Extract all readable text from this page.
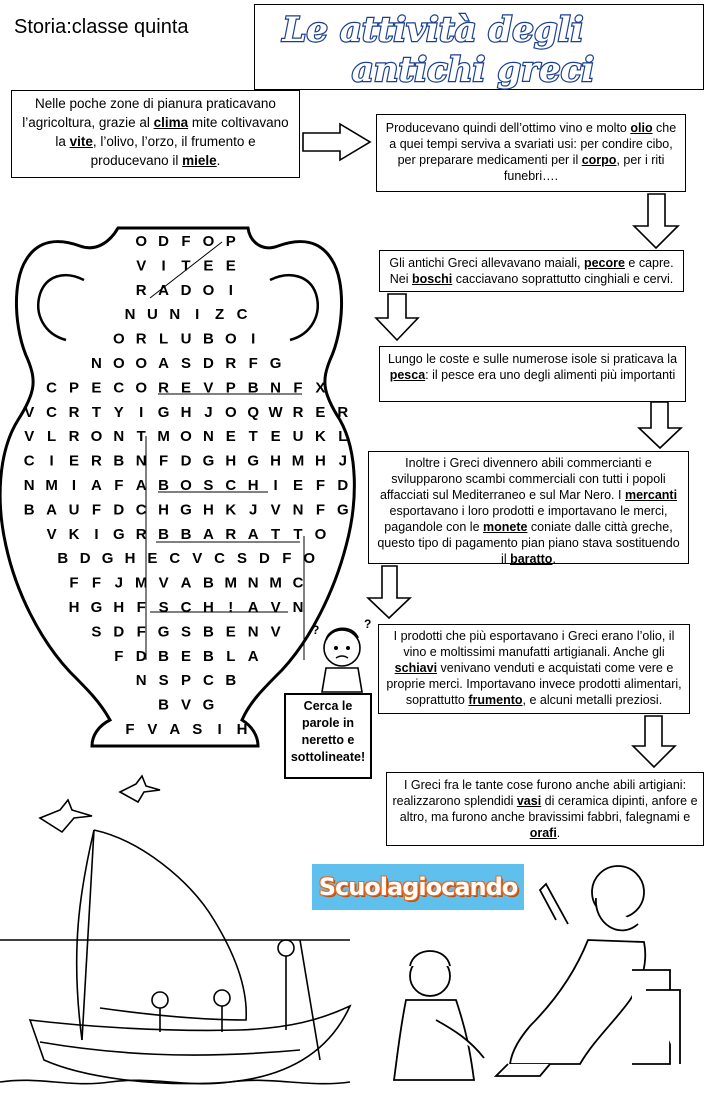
Storia:classe quinta	Le attività degli
antichi greci
Nelle poche zone di pianura praticavano l’agricoltura, grazie al clima mite coltivavano la vite, l’olivo, l’orzo, il frumento e producevano il miele.
Producevano quindi dell’ottimo vino e molto olio che a quei tempi serviva a svariati usi: per condire cibo, per preparare medicamenti per il corpo, per i riti funebri….
Gli antichi Greci allevavano maiali, pecore e capre. Nei boschi cacciavano soprattutto cinghiali e cervi.
Lungo le coste e sulle numerose isole si praticava la pesca: il pesce era uno degli alimenti più importanti
Inoltre i Greci divennero abili commercianti e svilupparono scambi commerciali con tutti i popoli affacciati sul Mediterraneo e sul Mar Nero. I mercanti esportavano i loro prodotti e importavano le merci, pagandole con le monete coniate dalle città greche, questo tipo di pagamento pian piano stava sostituendo il baratto.
I prodotti che più esportavano i Greci erano l’olio, il vino e moltissimi manufatti artigianali. Anche gli schiavi venivano venduti e acquistati come vere e proprie merci. Importavano invece prodotti alimentari, soprattutto frumento, e alcuni metalli preziosi.
I Greci fra le tante cose furono anche abili artigiani: realizzarono splendidi vasi di ceramica dipinti, anfore e altro, ma furono anche bravissimi fabbri, falegnami e orafi.
O D F O P
V I T E E
R A D O I
N U N I Z C
O R L U B O I
N O O A S D R F G
C P E C O R E V P B N F X
V C R T Y I G H J O Q W R E R
V L R O N T M O N E T E U K L
C I E R B N F D G H G H M H J
N M I A F A B O S C H I E F D
B A U F D C H G H K J V N F G
V K I G R B B A R A T T O
B D G H E C V C S D F O
F F J M V A B M N M C
H G H F S C H ! A V N
S D F G S B E N V
F D B E B L A
N S P C B
B V G
F V A S I H
Cerca le parole in neretto e sottolineate!
?	?
Scuolagiocando
